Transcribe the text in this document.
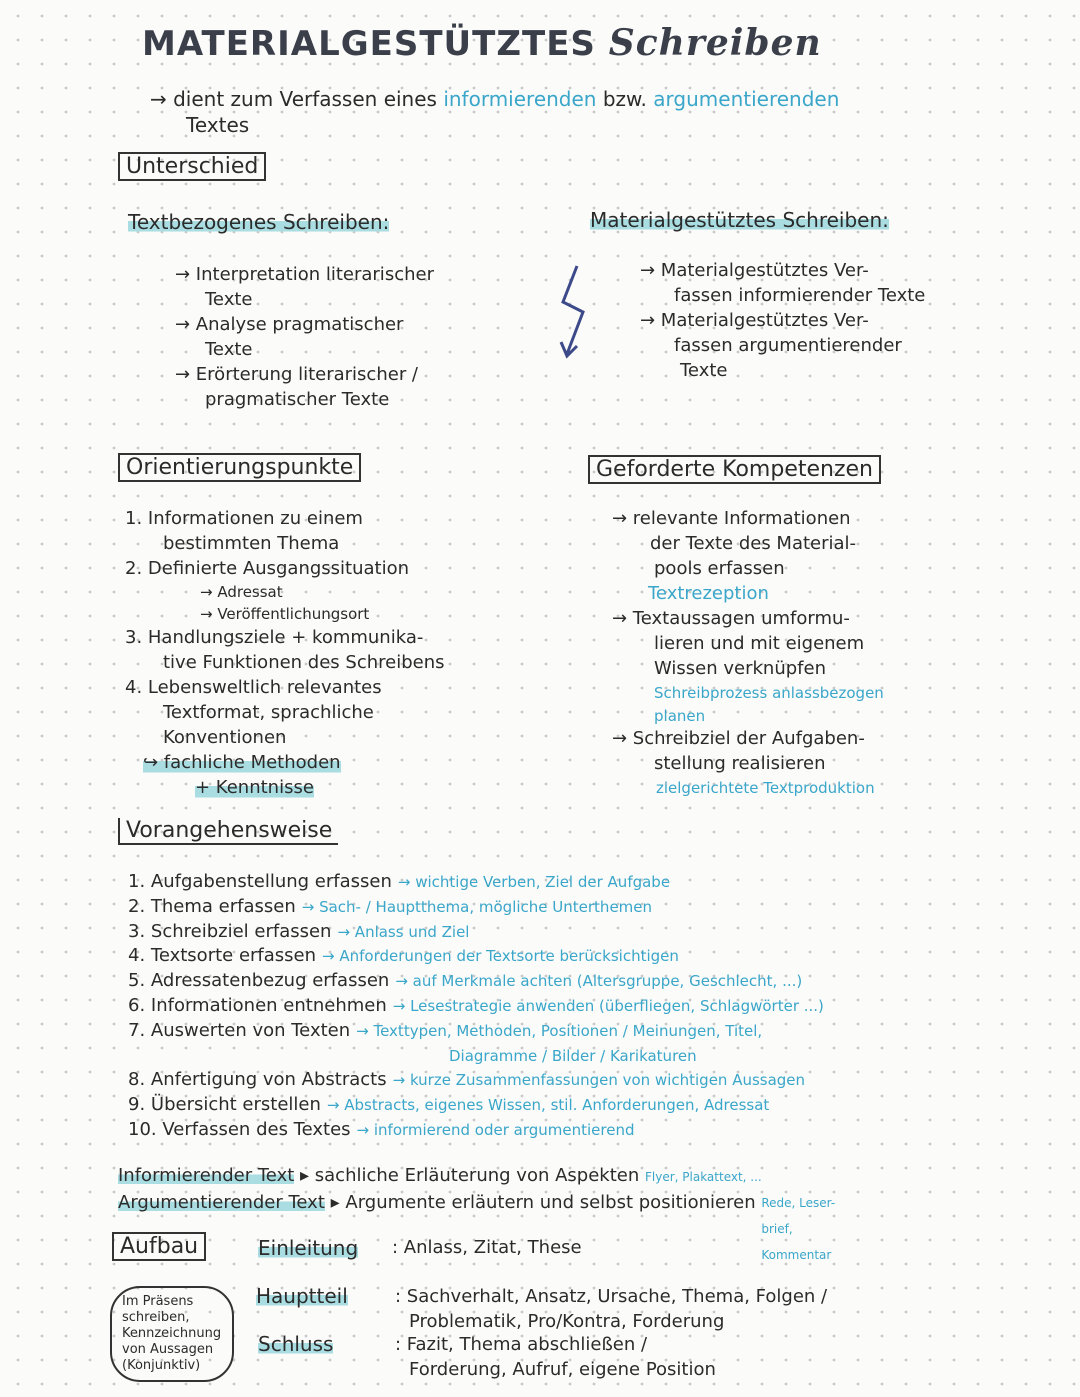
MATERIALGESTÜTZTES Schreiben
→ dient zum Verfassen eines informierenden bzw. argumentierenden
Textes
Unterschied
Textbezogenes Schreiben:
→ Interpretation literarischer
Texte
→ Analyse pragmatischer
Texte
→ Erörterung literarischer /
pragmatischer Texte
Materialgestütztes Schreiben:
→ Materialgestütztes Ver-
fassen informierender Texte
→ Materialgestütztes Ver-
fassen argumentierender
Texte
Orientierungspunkte
1. Informationen zu einem
bestimmten Thema
2. Definierte Ausgangssituation
→ Adressat
→ Veröffentlichungsort
3. Handlungsziele + kommunika-
tive Funktionen des Schreibens
4. Lebensweltlich relevantes
Textformat, sprachliche
Konventionen
↪ fachliche Methoden
+ Kenntnisse
Geforderte Kompetenzen
→ relevante Informationen
der Texte des Material-
pools erfassen
Textrezeption
→ Textaussagen umformu-
lieren und mit eigenem
Wissen verknüpfen
Schreibprozess anlassbezogen
planen
→ Schreibziel der Aufgaben-
stellung realisieren
zielgerichtete Textproduktion
Vorangehensweise
1. Aufgabenstellung erfassen → wichtige Verben, Ziel der Aufgabe
2. Thema erfassen → Sach- / Hauptthema, mögliche Unterthemen
3. Schreibziel erfassen → Anlass und Ziel
4. Textsorte erfassen → Anforderungen der Textsorte berücksichtigen
5. Adressatenbezug erfassen → auf Merkmale achten (Altersgruppe, Geschlecht, ...)
6. Informationen entnehmen → Lesestrategie anwenden (überfliegen, Schlagwörter ...)
7. Auswerten von Texten → Texttypen, Methoden, Positionen / Meinungen, Titel,
Diagramme / Bilder / Karikaturen
8. Anfertigung von Abstracts → kurze Zusammenfassungen von wichtigen Aussagen
9. Übersicht erstellen → Abstracts, eigenes Wissen, stil. Anforderungen, Adressat
10. Verfassen des Textes → informierend oder argumentierend
Informierender Text ▸ sachliche Erläuterung von Aspekten Flyer, Plakattext, ...
Argumentierender Text ▸ Argumente erläutern und selbst positionieren Rede, Leser-brief, Kommentar
Aufbau
Im Präsens schreiben, Kennzeichnung von Aussagen (Konjunktiv)
Einleitung : Anlass, Zitat, These
Hauptteil	: Sachverhalt, Ansatz, Ursache, Thema, Folgen /
Problematik, Pro/Kontra, Forderung
Schluss	: Fazit, Thema abschließen /
Forderung, Aufruf, eigene Position
